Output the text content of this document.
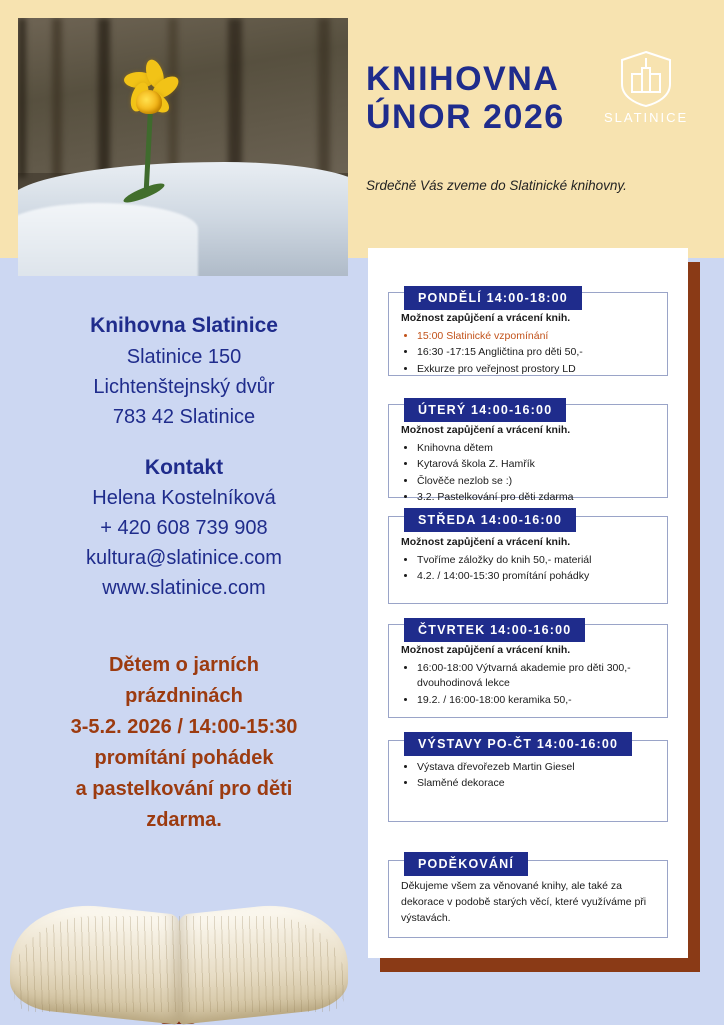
KNIHOVNA
ÚNOR 2026
Srdečně Vás zveme do Slatinické knihovny.
SLATINICE
Knihovna Slatinice
Slatinice 150
Lichtenštejnský dvůr
783 42 Slatinice
Kontakt
Helena Kostelníková
+ 420 608 739 908
kultura@slatinice.com
www.slatinice.com
Dětem o jarních
prázdninách
3-5.2. 2026 / 14:00-15:30
promítání pohádek
a pastelkování pro děti
zdarma.

Možnost zapůjčení a vrácení knih.

• 15:00 Slatinické vzpomínání
• 16:30 -17:15 Angličtina pro děti 50,-
• Exkurze pro veřejnost prostory LD
PONDĚLÍ 14:00-18:00

Možnost zapůjčení a vrácení knih.

• Knihovna dětem
• Kytarová škola Z. Hamřík
• Člověče nezlob se :)
• 3.2. Pastelkování pro děti zdarma
ÚTERÝ 14:00-16:00

Možnost zapůjčení a vrácení knih.

• Tvoříme záložky do knih 50,- materiál
• 4.2. / 14:00-15:30 promítání pohádky
STŘEDA 14:00-16:00

Možnost zapůjčení a vrácení knih.

• 16:00-18:00 Výtvarná akademie pro děti 300,- dvouhodinová lekce
• 19.2. / 16:00-18:00 keramika 50,-
ČTVRTEK 14:00-16:00
• Výstava dřevořezeb Martin Giesel
• Slaměné dekorace
VÝSTAVY PO-ČT 14:00-16:00
Děkujeme všem za věnované knihy, ale také za dekorace v podobě starých věcí, které využíváme při výstavách.
PODĚKOVÁNÍ
